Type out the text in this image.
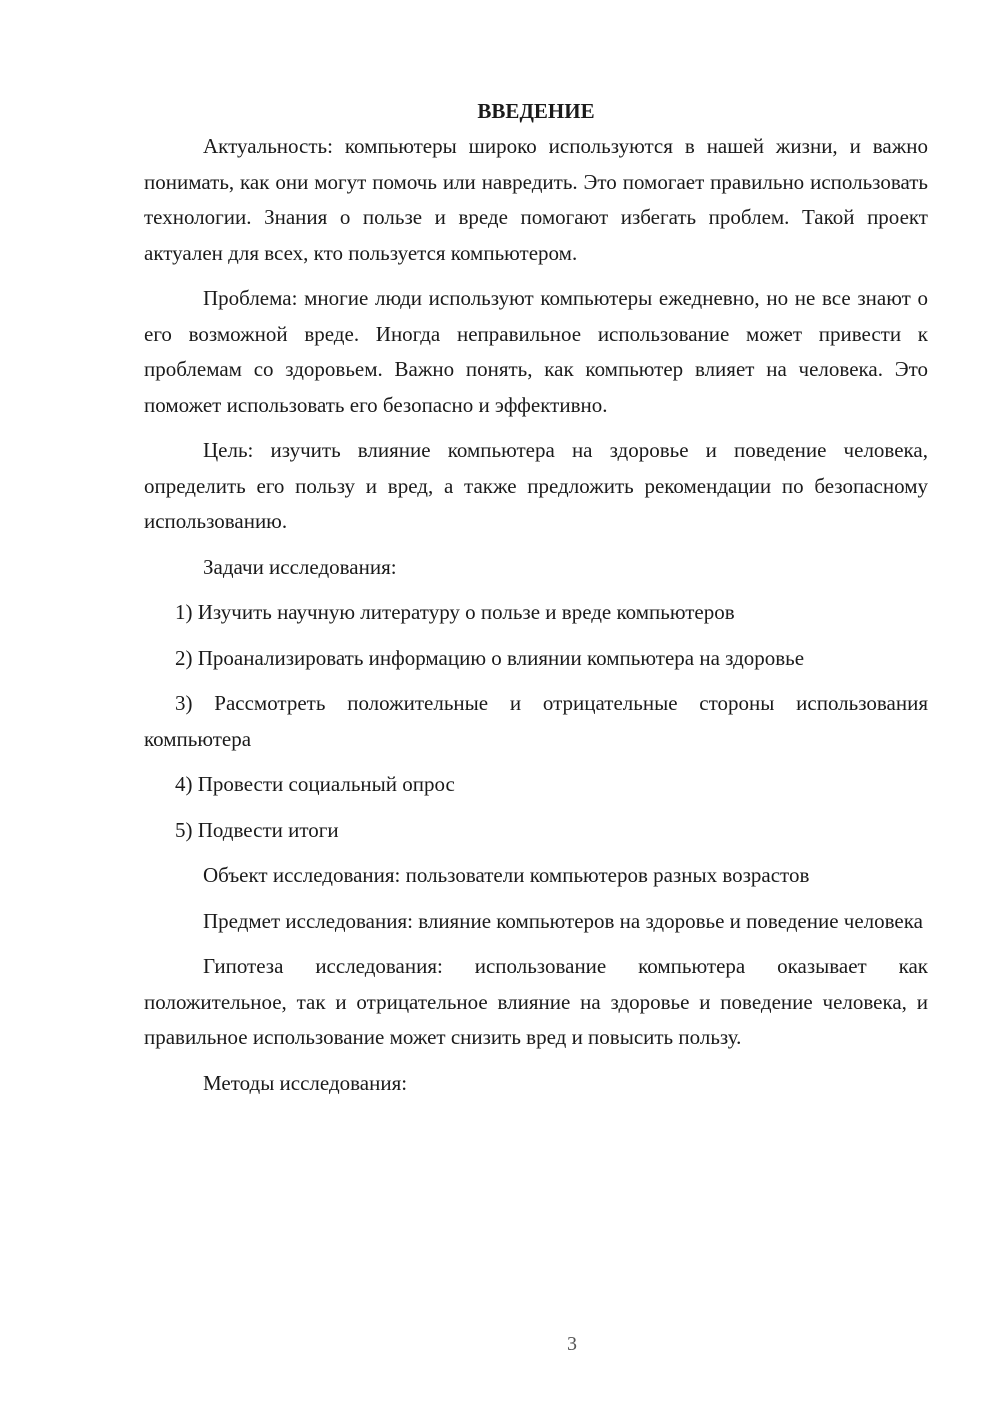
ВВЕДЕНИЕ

Актуальность: компьютеры широко используются в нашей жизни, и важно понимать, как они могут помочь или навредить. Это помогает правильно использовать технологии. Знания о пользе и вреде помогают избегать проблем. Такой проект актуален для всех, кто пользуется компьютером.

Проблема: многие люди используют компьютеры ежедневно, но не все знают о его возможной вреде. Иногда неправильное использование может привести к проблемам со здоровьем. Важно понять, как компьютер влияет на человека. Это поможет использовать его безопасно и эффективно.

Цель: изучить влияние компьютера на здоровье и поведение человека, определить его пользу и вред, а также предложить рекомендации по безопасному использованию.

Задачи исследования:

1) Изучить научную литературу о пользе и вреде компьютеров

2) Проанализировать информацию о влиянии компьютера на здоровье

3) Рассмотреть положительные и отрицательные стороны использования компьютера

4) Провести социальный опрос

5) Подвести итоги

Объект исследования: пользователи компьютеров разных возрастов

Предмет исследования: влияние компьютеров на здоровье и поведение человека

Гипотеза исследования: использование компьютера оказывает как положительное, так и отрицательное влияние на здоровье и поведение человека, и правильное использование может снизить вред и повысить пользу.

Методы исследования:

3
